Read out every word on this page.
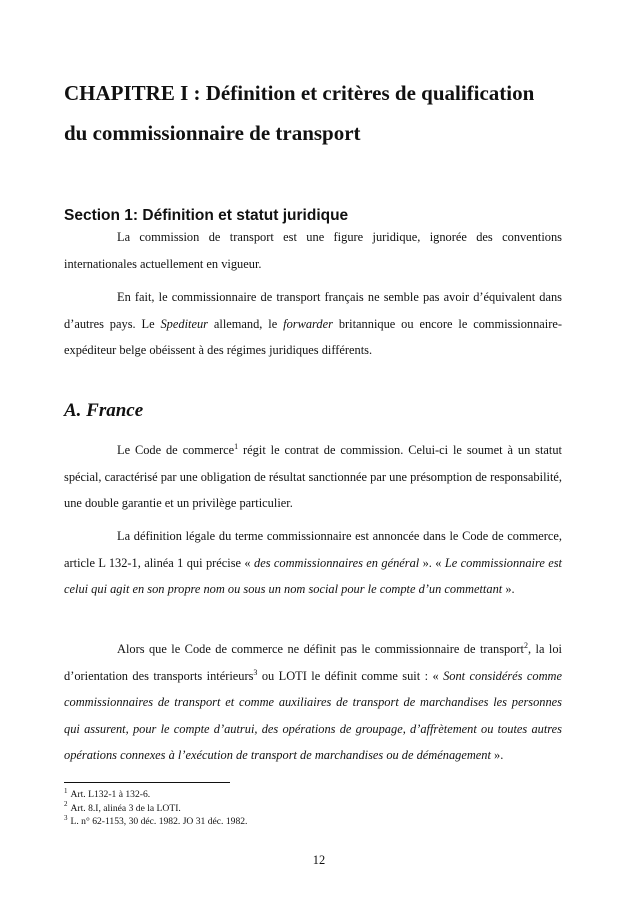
CHAPITRE I : Définition et critères de qualification
du commissionnaire de transport
Section 1: Définition et statut juridique

La commission de transport est une figure juridique, ignorée des conventions internationales actuellement en vigueur.

En fait, le commissionnaire de transport français ne semble pas avoir d’équivalent dans d’autres pays. Le Spediteur allemand, le forwarder britannique ou encore le commissionnaire-expéditeur belge obéissent à des régimes juridiques différents.

A. France

Le Code de commerce$^1$ régit le contrat de commission. Celui-ci le soumet à un statut spécial, caractérisé par une obligation de résultat sanctionnée par une présomption de responsabilité, une double garantie et un privilège particulier.

La définition légale du terme commissionnaire est annoncée dans le Code de commerce, article L 132-1, alinéa 1 qui précise « des commissionnaires en général ». « Le commissionnaire est celui qui agit en son propre nom ou sous un nom social pour le compte d’un commettant ».

Alors que le Code de commerce ne définit pas le commissionnaire de transport$^2$, la loi d’orientation des transports intérieurs$^3$ ou LOTI le définit comme suit : « Sont considérés comme commissionnaires de transport et comme auxiliaires de transport de marchandises les personnes qui assurent, pour le compte d’autrui, des opérations de groupage, d’affrètement ou toutes autres opérations connexes à l’exécution de transport de marchandises ou de déménagement ».

$^1$ Art. L132-1 à 132-6.
$^2$ Art. 8.I, alinéa 3 de la LOTI.
$^3$ L. n° 62-1153, 30 déc. 1982. JO 31 déc. 1982.
12
